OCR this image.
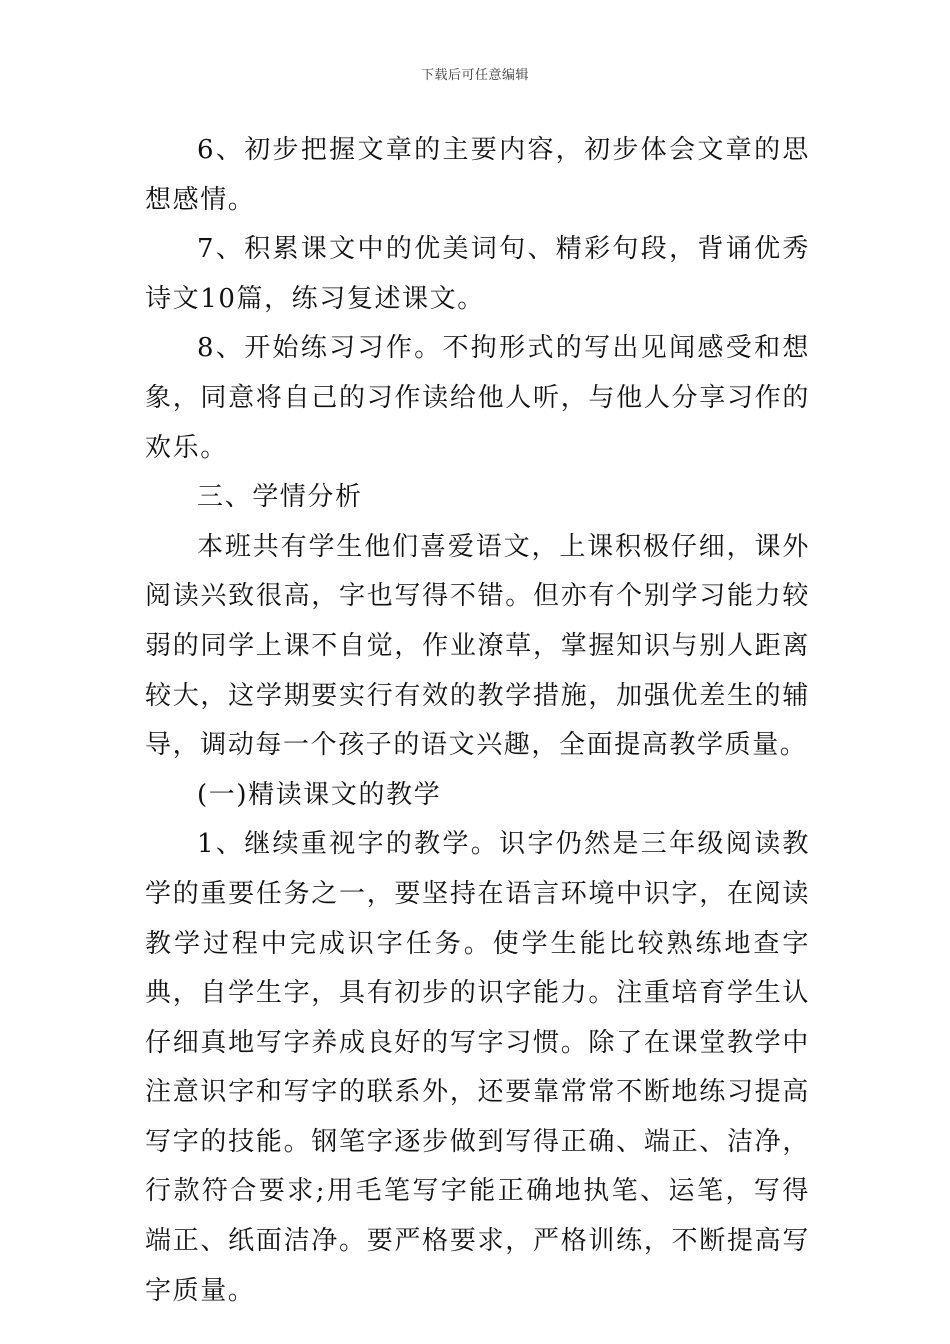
下载后可任意编辑

6、初步把握文章的主要内容，初步体会文章的思想感情。

7、积累课文中的优美词句、精彩句段，背诵优秀诗文10篇，练习复述课文。

8、开始练习习作。不拘形式的写出见闻感受和想象，同意将自己的习作读给他人听，与他人分享习作的欢乐。

三、学情分析

本班共有学生他们喜爱语文，上课积极仔细，课外阅读兴致很高，字也写得不错。但亦有个别学习能力较弱的同学上课不自觉，作业潦草，掌握知识与别人距离较大，这学期要实行有效的教学措施，加强优差生的辅导，调动每一个孩子的语文兴趣，全面提高教学质量。

(一)精读课文的教学

1、继续重视字的教学。识字仍然是三年级阅读教学的重要任务之一，要坚持在语言环境中识字，在阅读教学过程中完成识字任务。使学生能比较熟练地查字典，自学生字，具有初步的识字能力。注重培育学生认仔细真地写字养成良好的写字习惯。除了在课堂教学中注意识字和写字的联系外，还要靠常常不断地练习提高写字的技能。钢笔字逐步做到写得正确、端正、洁净，行款符合要求;用毛笔写字能正确地执笔、运笔，写得端正、纸面洁净。要严格要求，严格训练，不断提高写字质量。
